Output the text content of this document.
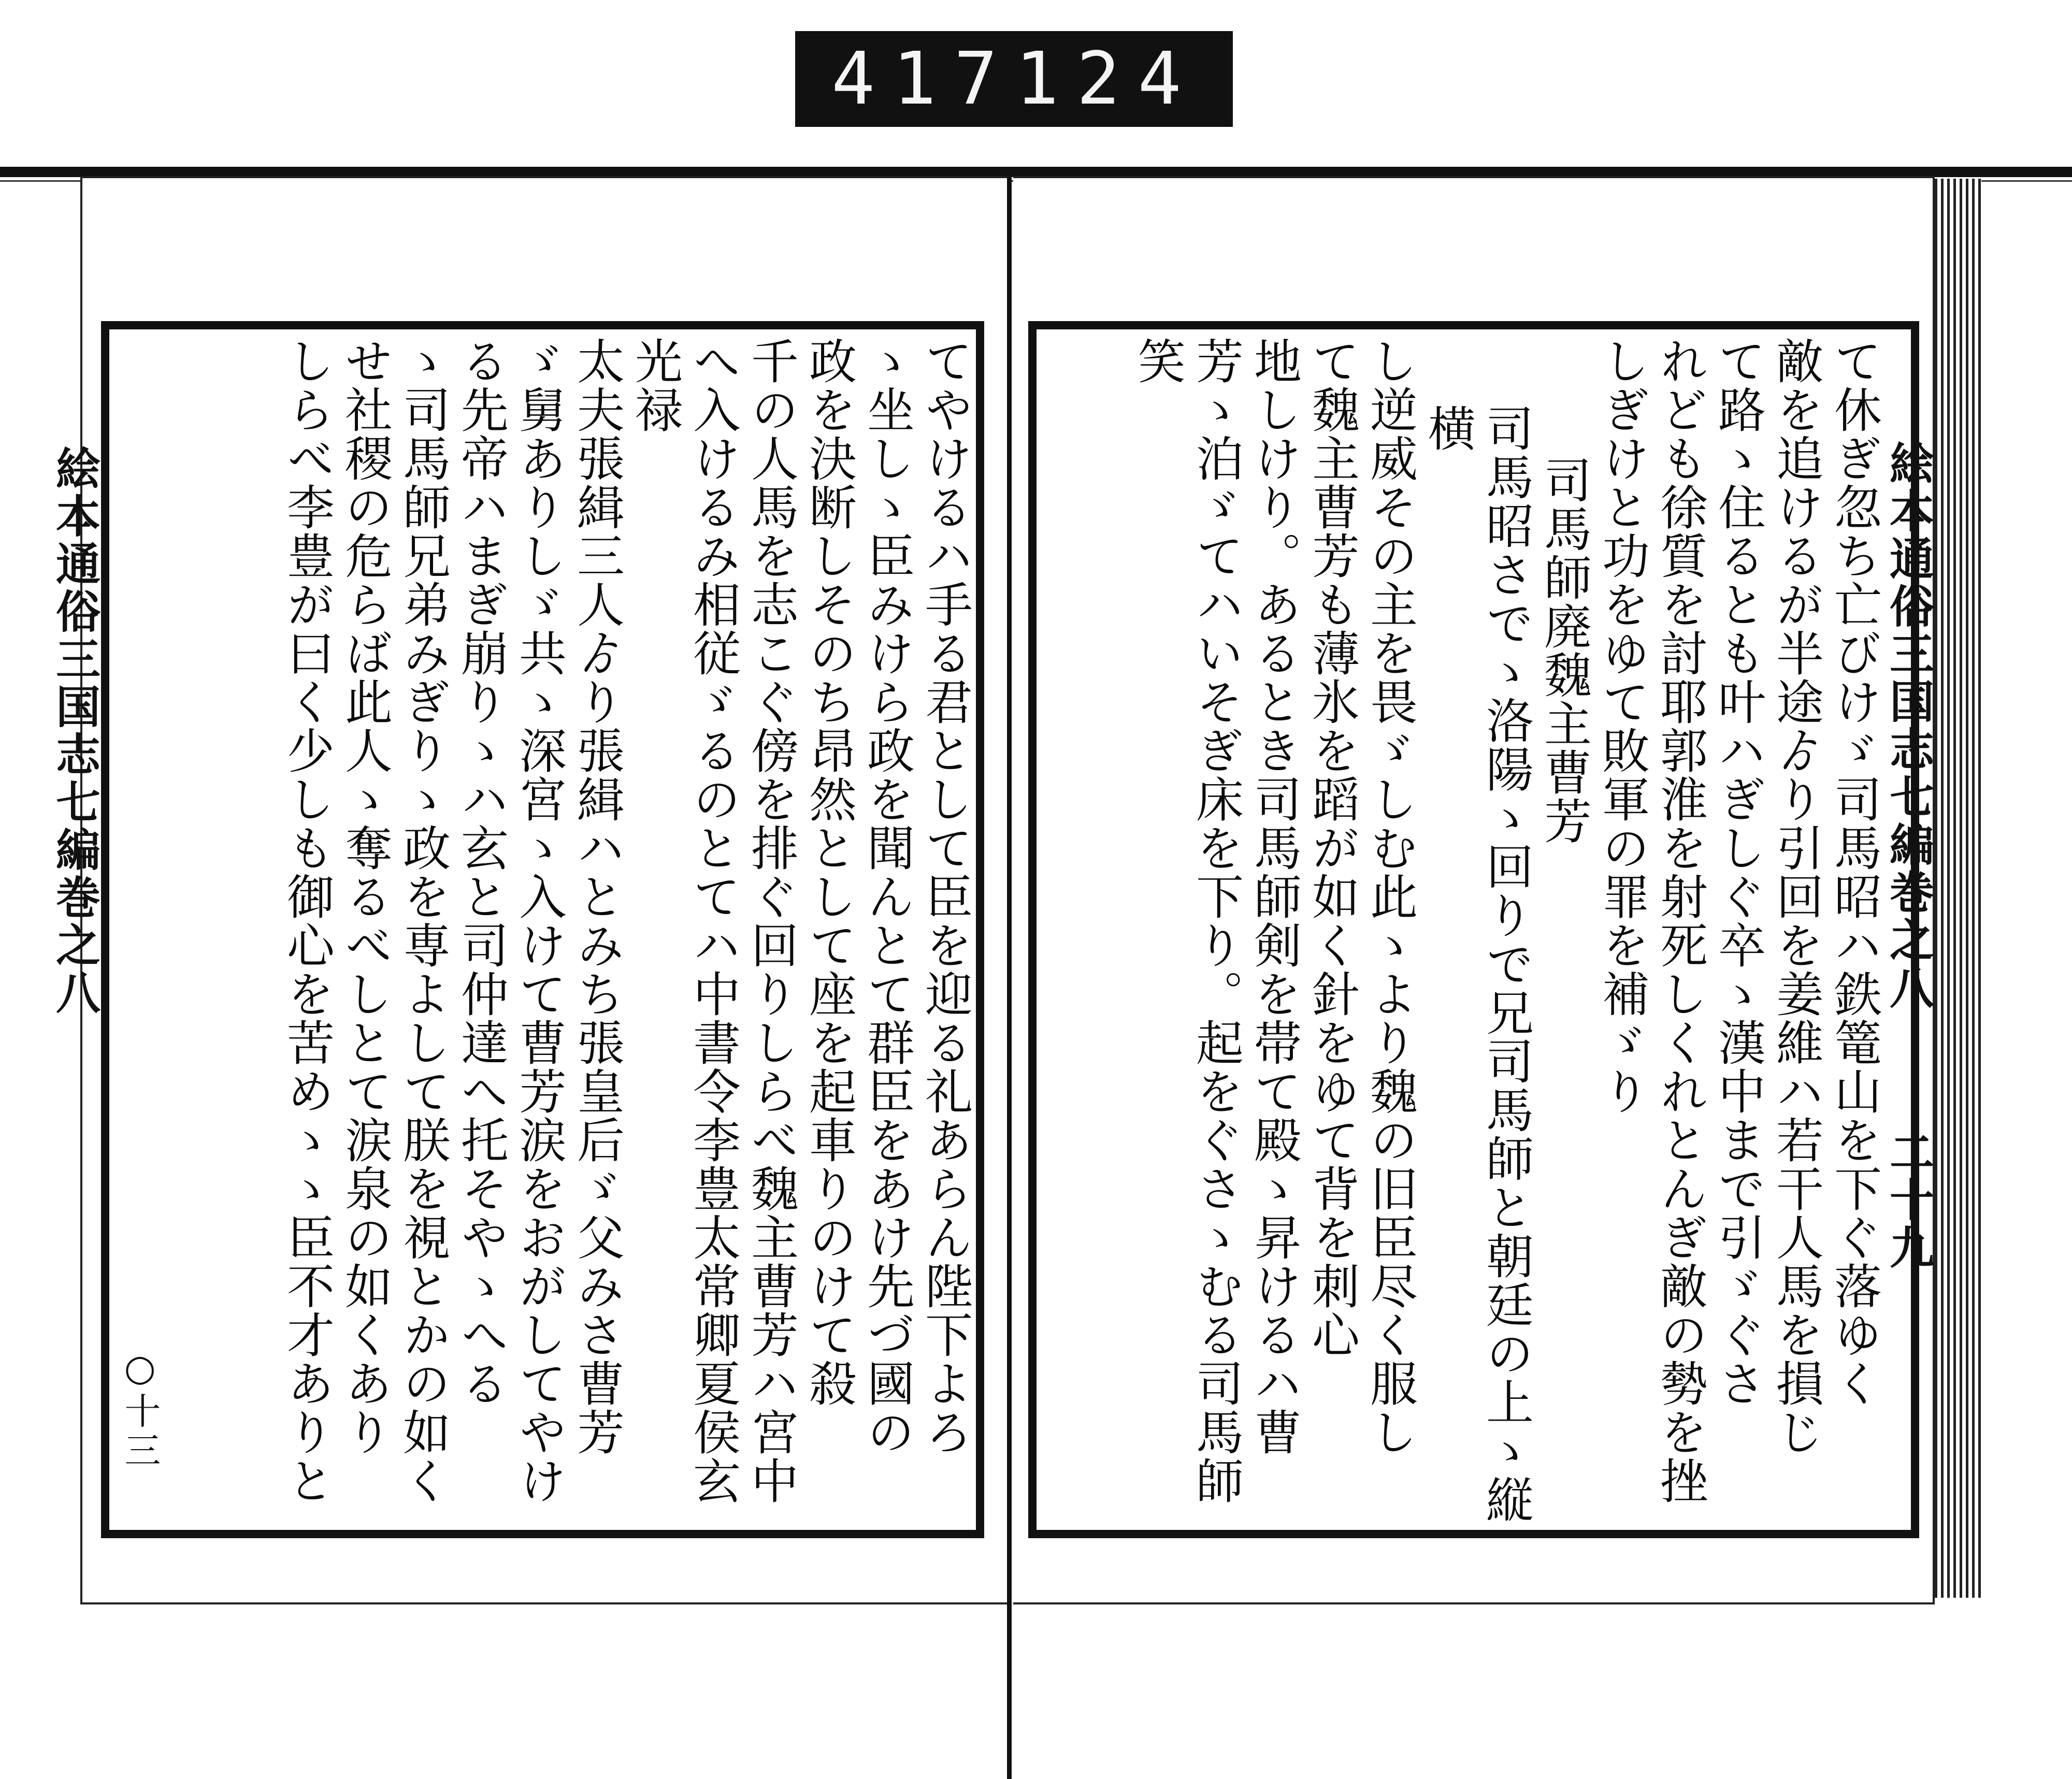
417 124
絵本通俗三国志七編巻之八
○十三
絵本通俗三国志七編巻之八
二十九
てやけるハ手る君として臣を迎る礼あらん陛下よろ
ゝ坐しゝ臣みけら政を聞んとて群臣をあけ先づ國の
政を決断しそのち昂然として座を起車りのけて殺
千の人馬を志こぐ傍を排ぐ回りしらべ魏主曹芳ハ宮中
へ入けるみ相従ゞるのとてハ中書令李豊太常卿夏侯玄光禄
太夫張緝三人ゟり張緝ハとみち張皇后ゞ父みさ曹芳
ゞ舅ありしゞ共ゝ深宮ゝ入けて曹芳涙をおがしてやけ
る先帝ハまぎ崩りゝハ玄と司仲達へ托そやゝへる
ゝ司馬師兄弟みぎりゝ政を専よして朕を視とかの如く
せ社稷の危らば此人ゝ奪るべしとて涙泉の如くあり
しらべ李豊が曰く少しも御心を苦めゝゝ臣不才ありと	て休ぎ忽ち亡びけゞ司馬昭ハ鉄篭山を下ぐ落ゆく
敵を追けるが半途ゟり引回を姜維ハ若干人馬を損じ
て路ゝ住るとも叶ハぎしぐ卒ゝ漢中まで引ゞぐさ
れども徐質を討耶郭淮を射死しくれとんぎ敵の勢を挫
しぎけと功をゆて敗軍の罪を補ゞり
司馬師廃魏主曹芳
司馬昭さでゝ洛陽ゝ回りで兄司馬師と朝廷の上ゝ縦横
し逆威その主を畏ゞしむ此ゝより魏の旧臣尽く服し
て魏主曹芳も薄氷を蹈が如く針をゆて背を刺心
地しけり。あるとき司馬師剣を帯て殿ゝ昇けるハ曹
芳ゝ泊ゞてハいそぎ床を下り。起をぐさゝむる司馬師笑
